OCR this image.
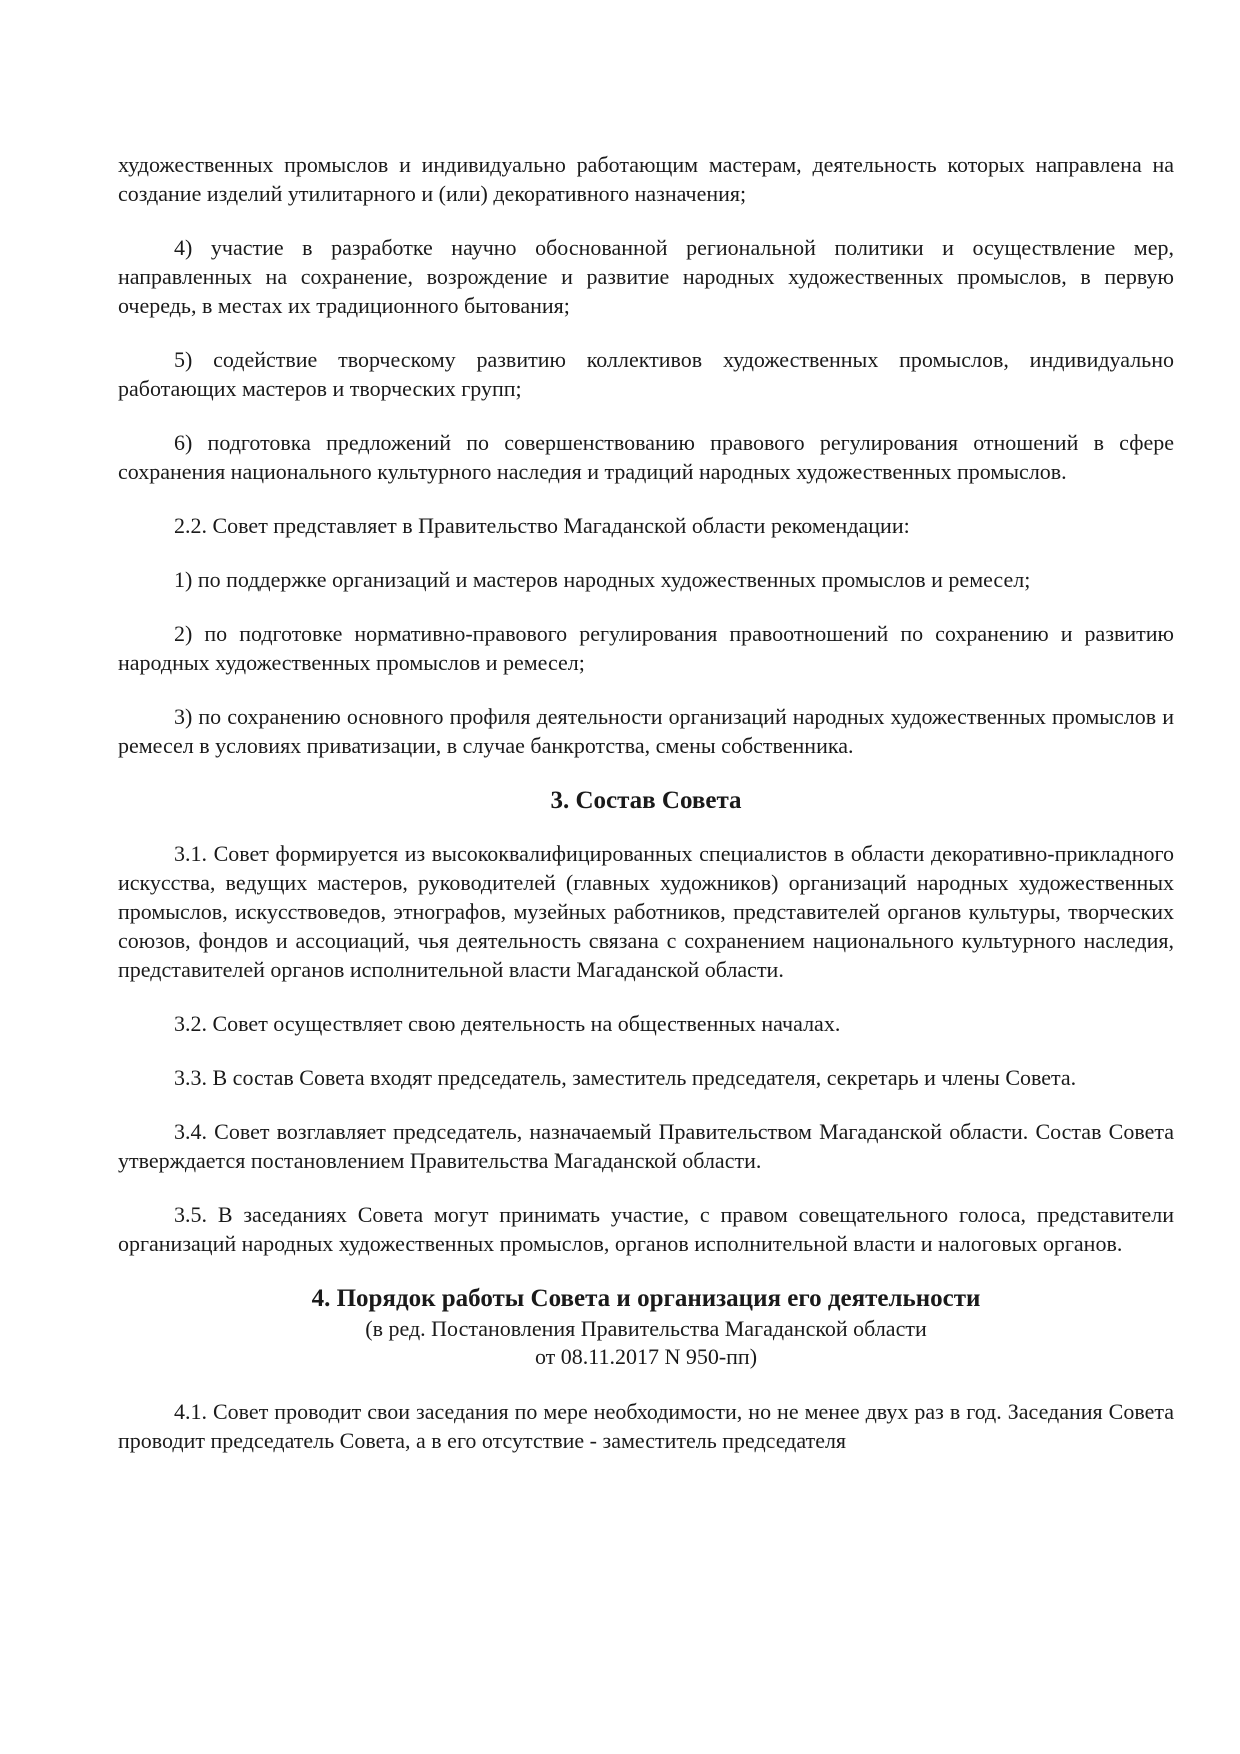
художественных промыслов и индивидуально работающим мастерам, деятельность которых направлена на создание изделий утилитарного и (или) декоративного назначения;

4) участие в разработке научно обоснованной региональной политики и осуществление мер, направленных на сохранение, возрождение и развитие народных художественных промыслов, в первую очередь, в местах их традиционного бытования;

5) содействие творческому развитию коллективов художественных промыслов, индивидуально работающих мастеров и творческих групп;

6) подготовка предложений по совершенствованию правового регулирования отношений в сфере сохранения национального культурного наследия и традиций народных художественных промыслов.

2.2. Совет представляет в Правительство Магаданской области рекомендации:

1) по поддержке организаций и мастеров народных художественных промыслов и ремесел;

2) по подготовке нормативно-правового регулирования правоотношений по сохранению и развитию народных художественных промыслов и ремесел;

3) по сохранению основного профиля деятельности организаций народных художественных промыслов и ремесел в условиях приватизации, в случае банкротства, смены собственника.

3. Состав Совета

3.1. Совет формируется из высококвалифицированных специалистов в области декоративно-прикладного искусства, ведущих мастеров, руководителей (главных художников) организаций народных художественных промыслов, искусствоведов, этнографов, музейных работников, представителей органов культуры, творческих союзов, фондов и ассоциаций, чья деятельность связана с сохранением национального культурного наследия, представителей органов исполнительной власти Магаданской области.

3.2. Совет осуществляет свою деятельность на общественных началах.

3.3. В состав Совета входят председатель, заместитель председателя, секретарь и члены Совета.

3.4. Совет возглавляет председатель, назначаемый Правительством Магаданской области. Состав Совета утверждается постановлением Правительства Магаданской области.

3.5. В заседаниях Совета могут принимать участие, с правом совещательного голоса, представители организаций народных художественных промыслов, органов исполнительной власти и налоговых органов.

4. Порядок работы Совета и организация его деятельности

(в ред. Постановления Правительства Магаданской области

от 08.11.2017 N 950-пп)

4.1. Совет проводит свои заседания по мере необходимости, но не менее двух раз в год. Заседания Совета проводит председатель Совета, а в его отсутствие - заместитель председателя
